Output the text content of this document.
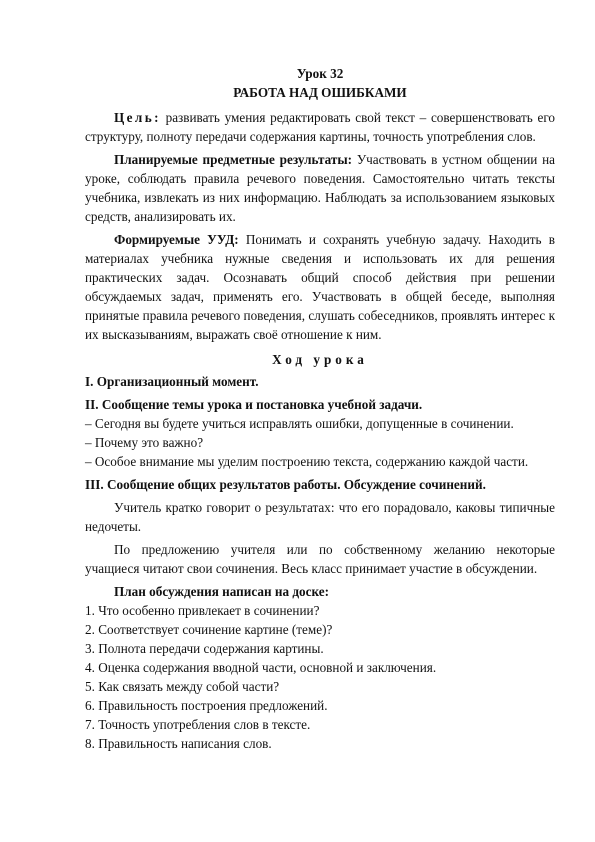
Урок 32
РАБОТА НАД ОШИБКАМИ

Цель: развивать умения редактировать свой текст – совершенствовать его структуру, полноту передачи содержания картины, точность употребления слов.

Планируемые предметные результаты: Участвовать в устном общении на уроке, соблюдать правила речевого поведения. Самостоятельно читать тексты учебника, извлекать из них информацию. Наблюдать за использованием языковых средств, анализировать их.

Формируемые УУД: Понимать и сохранять учебную задачу. Находить в материалах учебника нужные сведения и использовать их для решения практических задач. Осознавать общий способ действия при решении обсуждаемых задач, применять его. Участвовать в общей беседе, выполняя принятые правила речевого поведения, слушать собеседников, проявлять интерес к их высказываниям, выражать своё отношение к ним.

Ход урока

I. Организационный момент.

II. Сообщение темы урока и постановка учебной задачи.

– Сегодня вы будете учиться исправлять ошибки, допущенные в сочинении.

– Почему это важно?

– Особое внимание мы уделим построению текста, содержанию каждой части.

III. Сообщение общих результатов работы. Обсуждение сочинений.

Учитель кратко говорит о результатах: что его порадовало, каковы типичные недочеты.

По предложению учителя или по собственному желанию некоторые учащиеся читают свои сочинения. Весь класс принимает участие в обсуждении.

План обсуждения написан на доске:

1. Что особенно привлекает в сочинении?
2. Соответствует сочинение картине (теме)?
3. Полнота передачи содержания картины.
4. Оценка содержания вводной части, основной и заключения.
5. Как связать между собой части?
6. Правильность построения предложений.
7. Точность употребления слов в тексте.
8. Правильность написания слов.
